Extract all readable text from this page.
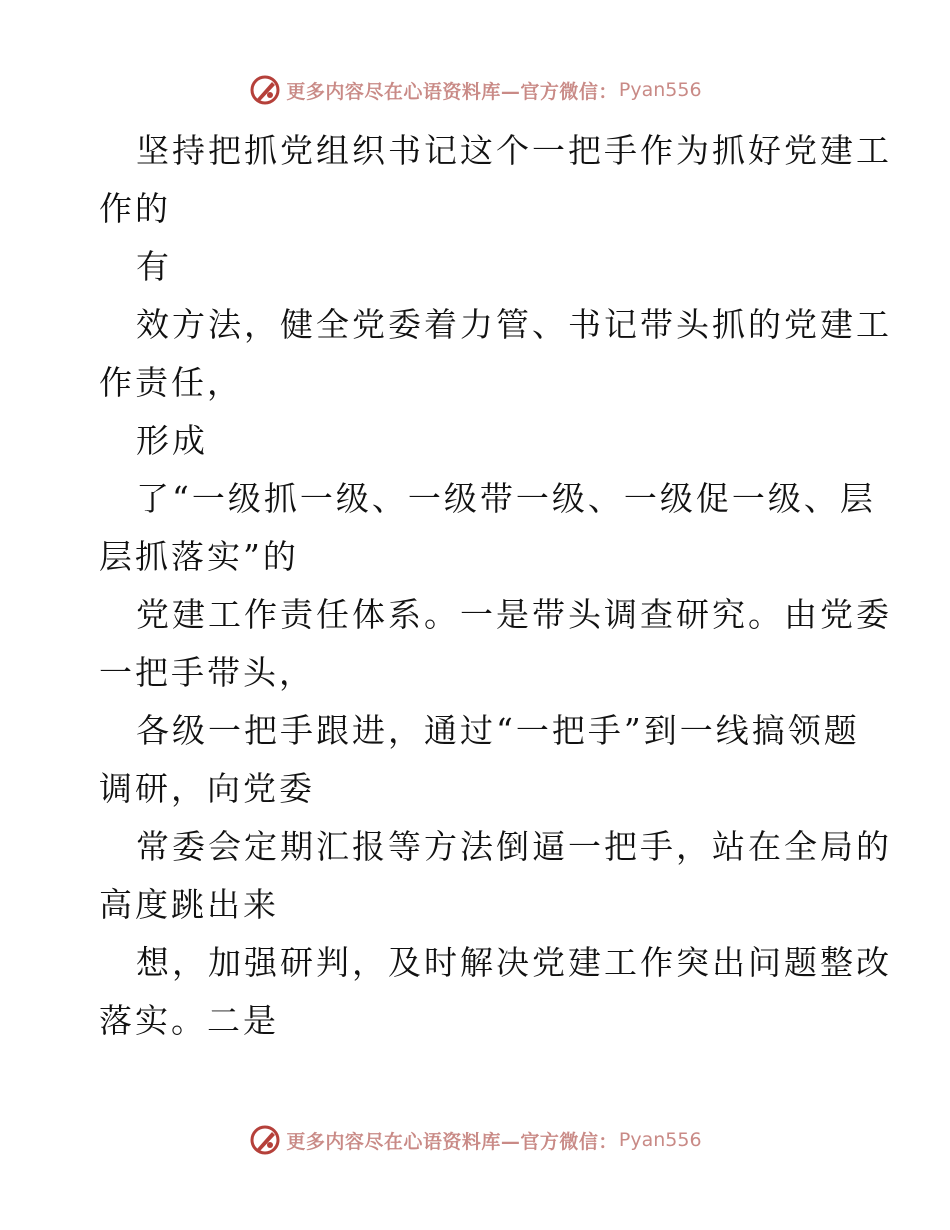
更多内容尽在心语资料库—官方微信： Pyan556

坚持把抓党组织书记这个一把手作为抓好党建工
作的

有

效方法，健全党委着力管、书记带头抓的党建工
作责任，

形成

了“一级抓一级、一级带一级、一级促一级、层
层抓落实”的

党建工作责任体系。一是带头调查研究。由党委
一把手带头，

各级一把手跟进，通过“一把手”到一线搞领题
调研，向党委

常委会定期汇报等方法倒逼一把手，站在全局的
高度跳出来

想，加强研判，及时解决党建工作突出问题整改
落实。二是

更多内容尽在心语资料库—官方微信： Pyan556
